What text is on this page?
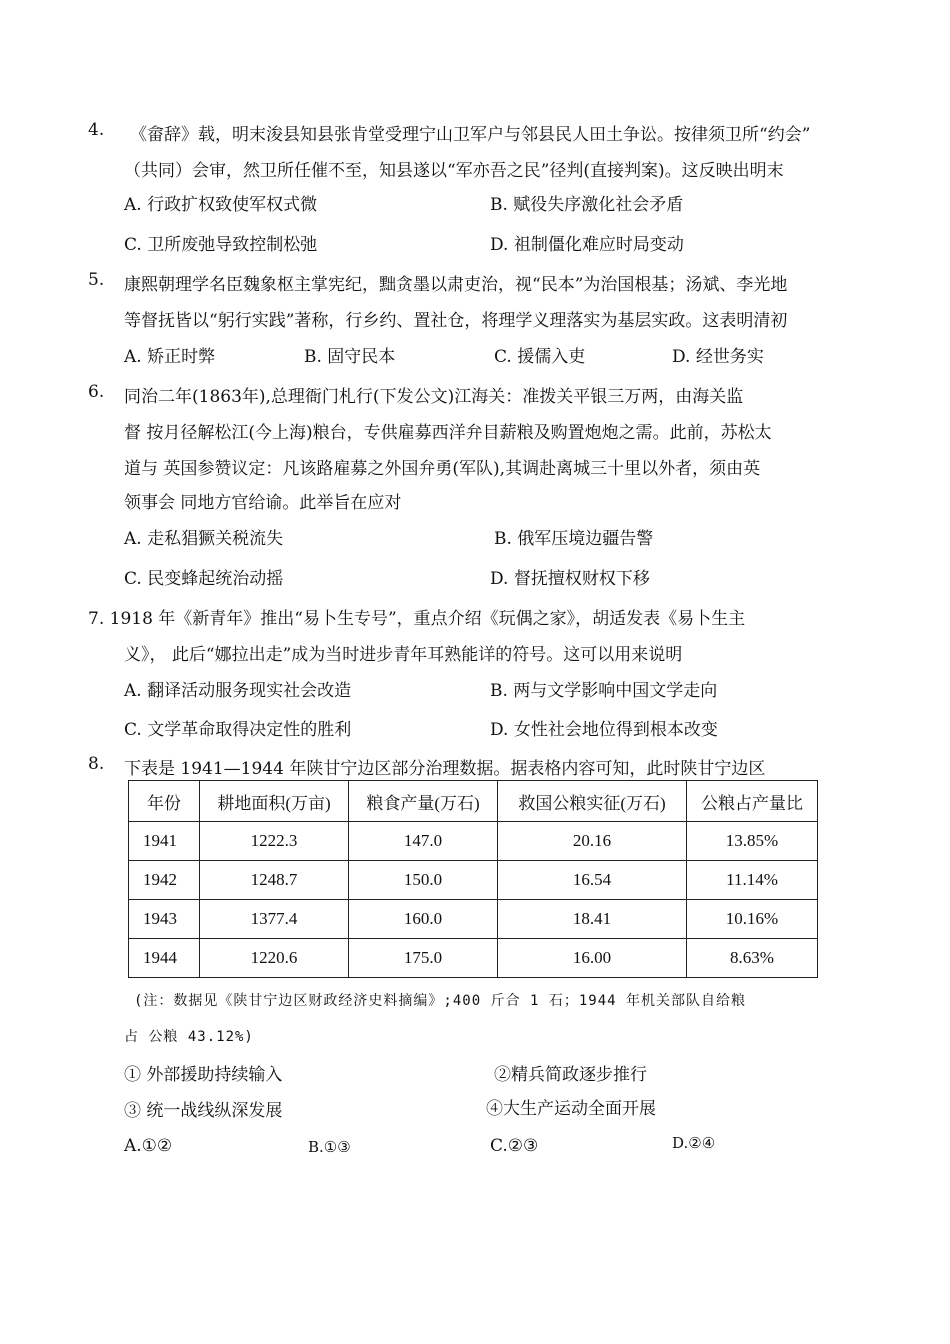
4. 《畲辞》载，明末浚县知县张肯堂受理宁山卫军户与邻县民人田土争讼。按律须卫所“约会”
（共同）会审，然卫所任催不至，知县遂以“军亦吾之民”径判(直接判案)。这反映出明末
A. 行政扩权致使军权式微	B. 赋役失序激化社会矛盾
C. 卫所废弛导致控制松弛	D. 祖制僵化难应时局变动
5. 康熙朝理学名臣魏象枢主掌宪纪，黜贪墨以肃吏治，视“民本”为治国根基；汤斌、李光地
等督抚皆以“躬行实践”著称，行乡约、置社仓，将理学义理落实为基层实政。这表明清初
A. 矫正时弊	B. 固守民本	C. 援儒入吏	D. 经世务实
6. 同治二年(1863年),总理衙门札行(下发公文)江海关：准拨关平银三万两，由海关监
督 按月径解松江(今上海)粮台，专供雇募西洋弁目薪粮及购置炮炮之需。此前，苏松太
道与 英国参赞议定：凡该路雇募之外国弁勇(军队),其调赴离城三十里以外者，须由英
领事会 同地方官给谕。此举旨在应对
A. 走私猖獗关税流失	B. 俄军压境边疆告警
C. 民变蜂起统治动摇	D. 督抚擅权财权下移
7. 1918 年《新青年》推出“易卜生专号”，重点介绍《玩偶之家》，胡适发表《易卜生主
义》， 此后“娜拉出走”成为当时进步青年耳熟能详的符号。这可以用来说明
A. 翻译活动服务现实社会改造	B. 两与文学影响中国文学走向
C. 文学革命取得决定性的胜利	D. 女性社会地位得到根本改变
8. 下表是 1941—1944 年陕甘宁边区部分治理数据。据表格内容可知，此时陕甘宁边区
年份	耕地面积(万亩)	粮食产量(万石)	救国公粮实征(万石)	公粮占产量比
1941	1222.3	147.0	20.16	13.85%
1942	1248.7	150.0	16.54	11.14%
1943	1377.4	160.0	18.41	10.16%
1944	1220.6	175.0	16.00	8.63%
(注：数据见《陕甘宁边区财政经济史料摘编》;400 斤合 1 石；1944 年机关部队自给粮
占 公粮 43.12%)
① 外部援助持续输入	②精兵简政逐步推行
③ 统一战线纵深发展	④大生产运动全面开展
A.①②	B.①③	C.②③	D.②④
